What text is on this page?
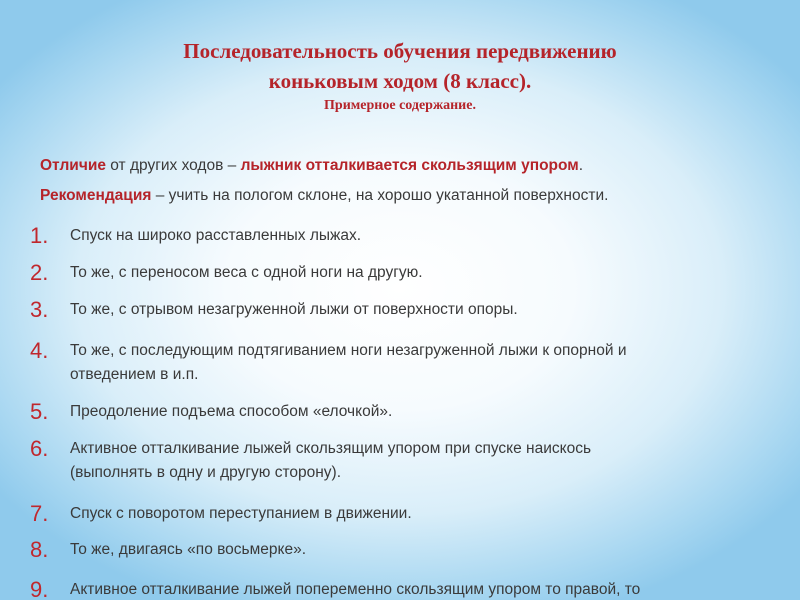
Последовательность обучения передвижению
коньковым ходом (8 класс).
Примерное содержание.
Отличие от других ходов – лыжник отталкивается скользящим упором.
Рекомендация – учить на пологом склоне, на хорошо укатанной поверхности.
1.	Спуск на широко расставленных лыжах.
2.	То же, с переносом веса с одной ноги на другую.
3.	То же, с отрывом незагруженной лыжи от поверхности опоры.
4.	То же, с последующим подтягиванием ноги незагруженной лыжи к опорной и
отведением в и.п.
5.	Преодоление подъема способом «елочкой».
6.	Активное отталкивание лыжей скользящим упором при спуске наискось
(выполнять в одну и другую сторону).
7.	Спуск с поворотом переступанием в движении.
8.	То же, двигаясь «по восьмерке».
9.	Активное отталкивание лыжей попеременно скользящим упором то правой, то
